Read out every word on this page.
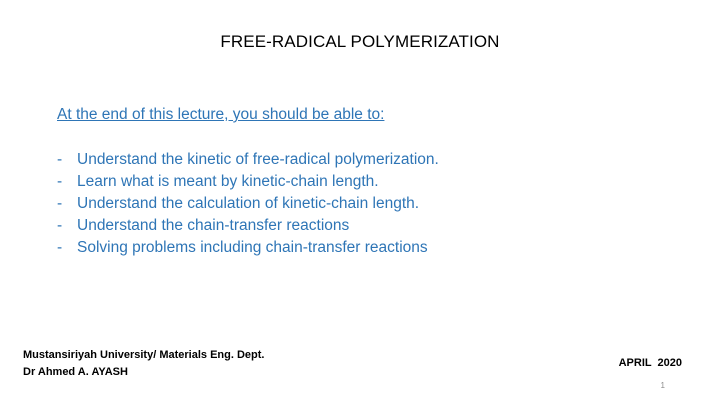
FREE-RADICAL POLYMERIZATION
At the end of this lecture, you should be able to:
- Understand the kinetic of free-radical polymerization.
- Learn what is meant by kinetic-chain length.
- Understand the calculation of kinetic-chain length.
- Understand the chain-transfer reactions
- Solving problems including chain-transfer reactions
Mustansiriyah University/ Materials Eng. Dept.
Dr Ahmed A. AYASH
APRIL  2020
1
